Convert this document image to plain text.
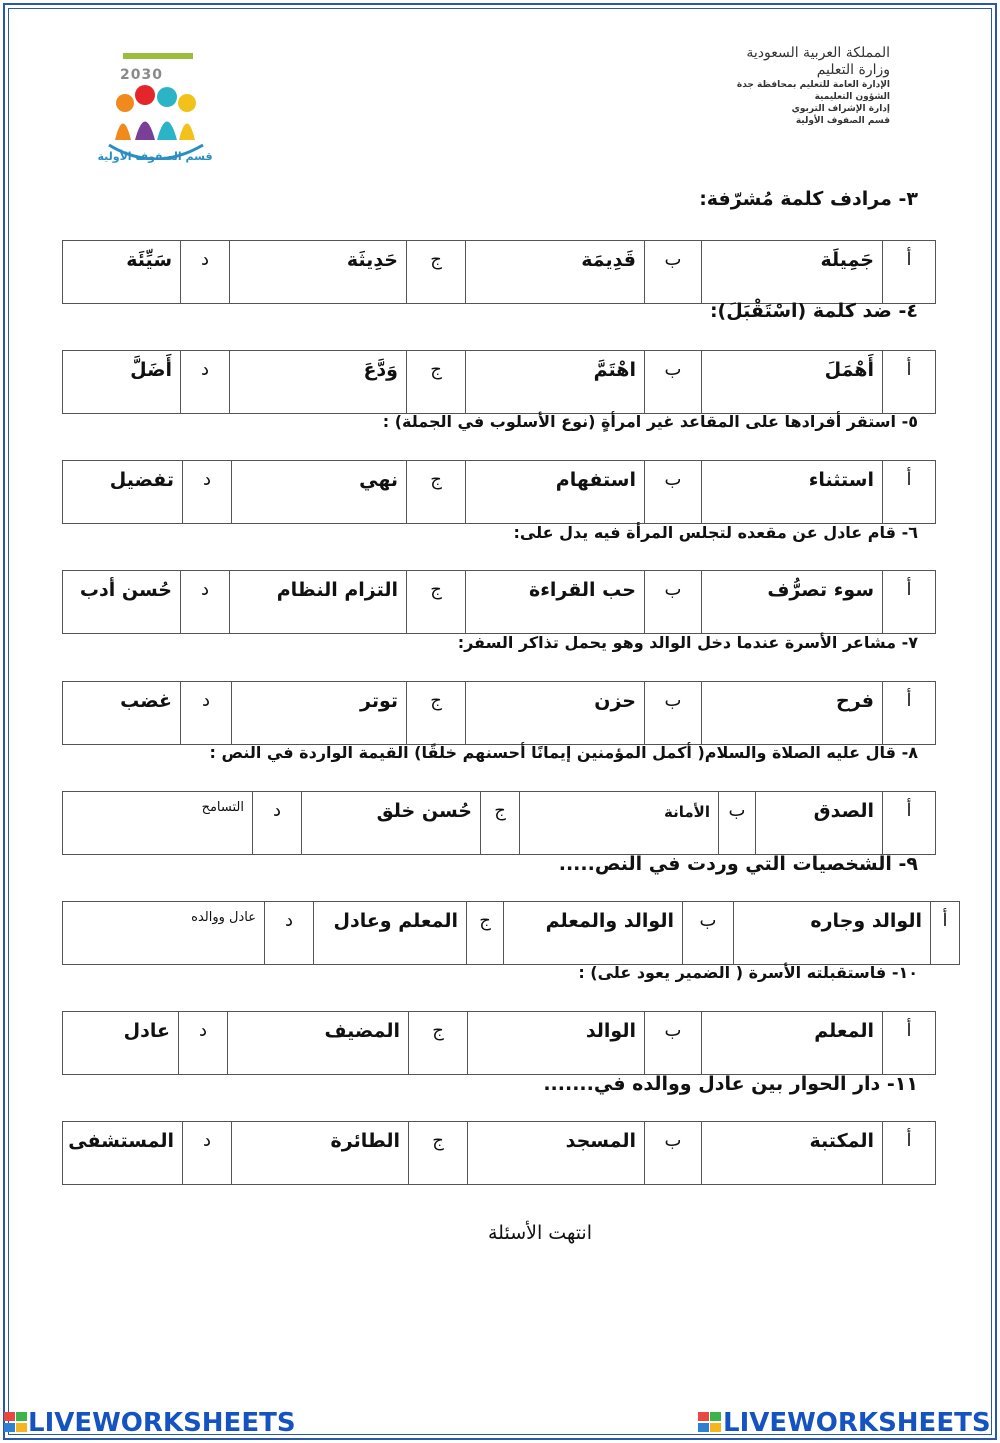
المملكة العربية السعودية
وزارة التعليم
الإدارة العامة للتعليم بمحافظة جدة
الشؤون التعليمية
إدارة الإشراف التربوي
قسم الصفوف الأولية
2030
قسم الصفوف الأولية
٣- مرادف كلمة مُشرّفة:
أ	جَمِيلَة	ب	قَدِيمَة	ج	حَدِيثَة	د	سَيِّئَة
٤- ضد كلمة (اسْتَقْبَلَ):
أ	أَهْمَلَ	ب	اهْتَمَّ	ج	وَدَّعَ	د	أَضَلَّ
٥- استقر أفرادها على المقاعد غير امرأةٍ (نوع الأسلوب في الجملة) :
أ	استثناء	ب	استفهام	ج	نهي	د	تفضيل
٦- قام عادل عن مقعده لتجلس المرأة فيه يدل على:
أ	سوء تصرُّف	ب	حب القراءة	ج	التزام النظام	د	حُسن أدب
٧- مشاعر الأسرة عندما دخل الوالد وهو يحمل تذاكر السفر:
أ	فرح	ب	حزن	ج	توتر	د	غضب
٨- قال عليه الصلاة والسلام( أكمل المؤمنين إيمانًا أحسنهم خلقًا) القيمة الواردة في النص :
أ	الصدق	ب	الأمانة	ج	حُسن خلق	د	التسامح
٩- الشخصيات التي وردت في النص.....
أ	الوالد وجاره	ب	الوالد والمعلم	ج	المعلم وعادل	د	عادل ووالده
١٠- فاستقبلته الأسرة ( الضمير يعود على) :
أ	المعلم	ب	الوالد	ج	المضيف	د	عادل
١١- دار الحوار بين عادل ووالده في.......
أ	المكتبة	ب	المسجد	ج	الطائرة	د	المستشفى
انتهت الأسئلة
LIVEWORKSHEETS	LIVEWORKSHEETS
